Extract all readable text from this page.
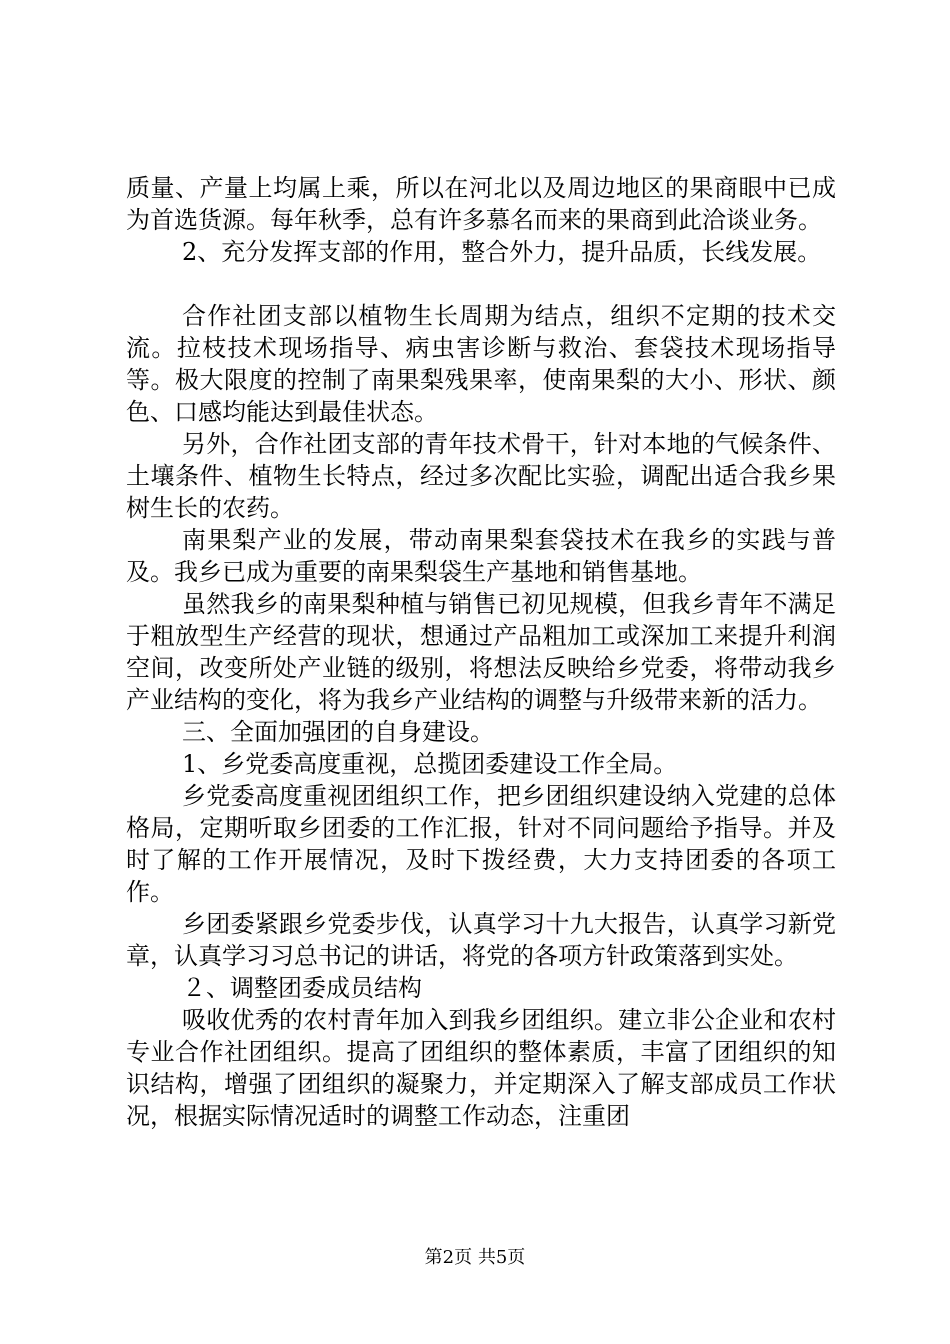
质量、产量上均属上乘，所以在河北以及周边地区的果商眼中已成为首选货源。每年秋季，总有许多慕名而来的果商到此洽谈业务。

2、充分发挥支部的作用，整合外力，提升品质，长线发展。

合作社团支部以植物生长周期为结点，组织不定期的技术交流。拉枝技术现场指导、病虫害诊断与救治、套袋技术现场指导等。极大限度的控制了南果梨残果率，使南果梨的大小、形状、颜色、口感均能达到最佳状态。

另外，合作社团支部的青年技术骨干，针对本地的气候条件、土壤条件、植物生长特点，经过多次配比实验，调配出适合我乡果树生长的农药。

南果梨产业的发展，带动南果梨套袋技术在我乡的实践与普及。我乡已成为重要的南果梨袋生产基地和销售基地。

虽然我乡的南果梨种植与销售已初见规模，但我乡青年不满足于粗放型生产经营的现状，想通过产品粗加工或深加工来提升利润空间，改变所处产业链的级别，将想法反映给乡党委，将带动我乡产业结构的变化，将为我乡产业结构的调整与升级带来新的活力。

三、全面加强团的自身建设。

1、乡党委高度重视，总揽团委建设工作全局。

乡党委高度重视团组织工作，把乡团组织建设纳入党建的总体格局，定期听取乡团委的工作汇报，针对不同问题给予指导。并及时了解的工作开展情况，及时下拨经费，大力支持团委的各项工作。

乡团委紧跟乡党委步伐，认真学习十九大报告，认真学习新党章，认真学习习总书记的讲话，将党的各项方针政策落到实处。

２、调整团委成员结构

吸收优秀的农村青年加入到我乡团组织。建立非公企业和农村专业合作社团组织。提高了团组织的整体素质，丰富了团组织的知识结构，增强了团组织的凝聚力，并定期深入了解支部成员工作状况，根据实际情况适时的调整工作动态，注重团

第2页 共5页
